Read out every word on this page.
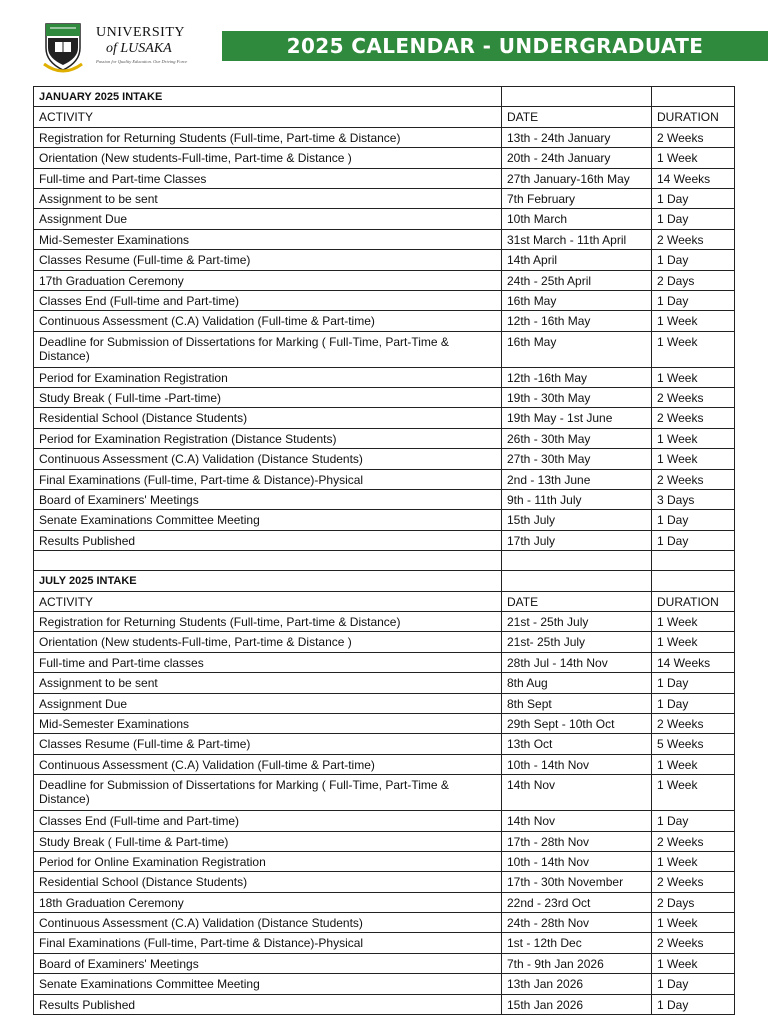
UNIVERSITY
of LUSAKA
Passion for Quality Education. Our Driving Force
2025 CALENDAR - UNDERGRADUATE
JANUARY 2025 INTAKE		
ACTIVITY	DATE	DURATION
Registration for Returning Students (Full-time, Part-time & Distance)	13th - 24th January	2 Weeks
Orientation (New students-Full-time, Part-time & Distance )	20th - 24th January	1 Week
Full-time and Part-time Classes	27th January-16th May	14 Weeks
Assignment to be sent	7th February	1 Day
Assignment Due	10th March	1 Day
Mid-Semester Examinations	31st March - 11th April	2 Weeks
Classes Resume (Full-time & Part-time)	14th April	1 Day
17th Graduation Ceremony	24th - 25th April	2 Days
Classes End (Full-time and Part-time)	16th May	1 Day
Continuous Assessment (C.A) Validation (Full-time & Part-time)	12th - 16th May	1 Week
Deadline for Submission of Dissertations for Marking ( Full-Time, Part-Time & Distance)	16th May	1 Week
Period for Examination Registration	12th -16th May	1 Week
Study Break ( Full-time -Part-time)	19th - 30th May	2 Weeks
Residential School (Distance Students)	19th May - 1st June	2 Weeks
Period for Examination Registration (Distance Students)	26th - 30th May	1 Week
Continuous Assessment (C.A) Validation (Distance Students)	27th - 30th May	1 Week
Final Examinations (Full-time, Part-time & Distance)-Physical	2nd - 13th June	2 Weeks
Board of Examiners' Meetings	9th - 11th July	3 Days
Senate Examinations Committee Meeting	15th July	1 Day
Results Published	17th July	1 Day

JULY 2025 INTAKE		
ACTIVITY	DATE	DURATION
Registration for Returning Students (Full-time, Part-time & Distance)	21st - 25th July	1 Week
Orientation (New students-Full-time, Part-time & Distance )	21st- 25th July	1 Week
Full-time and Part-time classes	28th Jul - 14th Nov	14 Weeks
Assignment to be sent	8th Aug	1 Day
Assignment Due	8th Sept	1 Day
Mid-Semester Examinations	29th Sept - 10th Oct	2 Weeks
Classes Resume (Full-time & Part-time)	13th Oct	5 Weeks
Continuous Assessment (C.A) Validation (Full-time & Part-time)	10th - 14th Nov	1 Week
Deadline for Submission of Dissertations for Marking ( Full-Time, Part-Time & Distance)	14th Nov	1 Week
Classes End (Full-time and Part-time)	14th Nov	1 Day
Study Break ( Full-time & Part-time)	17th - 28th Nov	2 Weeks
Period for Online Examination Registration	10th - 14th Nov	1 Week
Residential School (Distance Students)	17th - 30th November	2 Weeks
18th Graduation Ceremony	22nd - 23rd Oct	2 Days
Continuous Assessment (C.A) Validation (Distance Students)	24th - 28th Nov	1 Week
Final Examinations (Full-time, Part-time & Distance)-Physical	1st - 12th Dec	2 Weeks
Board of Examiners' Meetings	7th - 9th Jan 2026	1 Week
Senate Examinations Committee Meeting	13th Jan 2026	1 Day
Results Published	15th Jan 2026	1 Day
